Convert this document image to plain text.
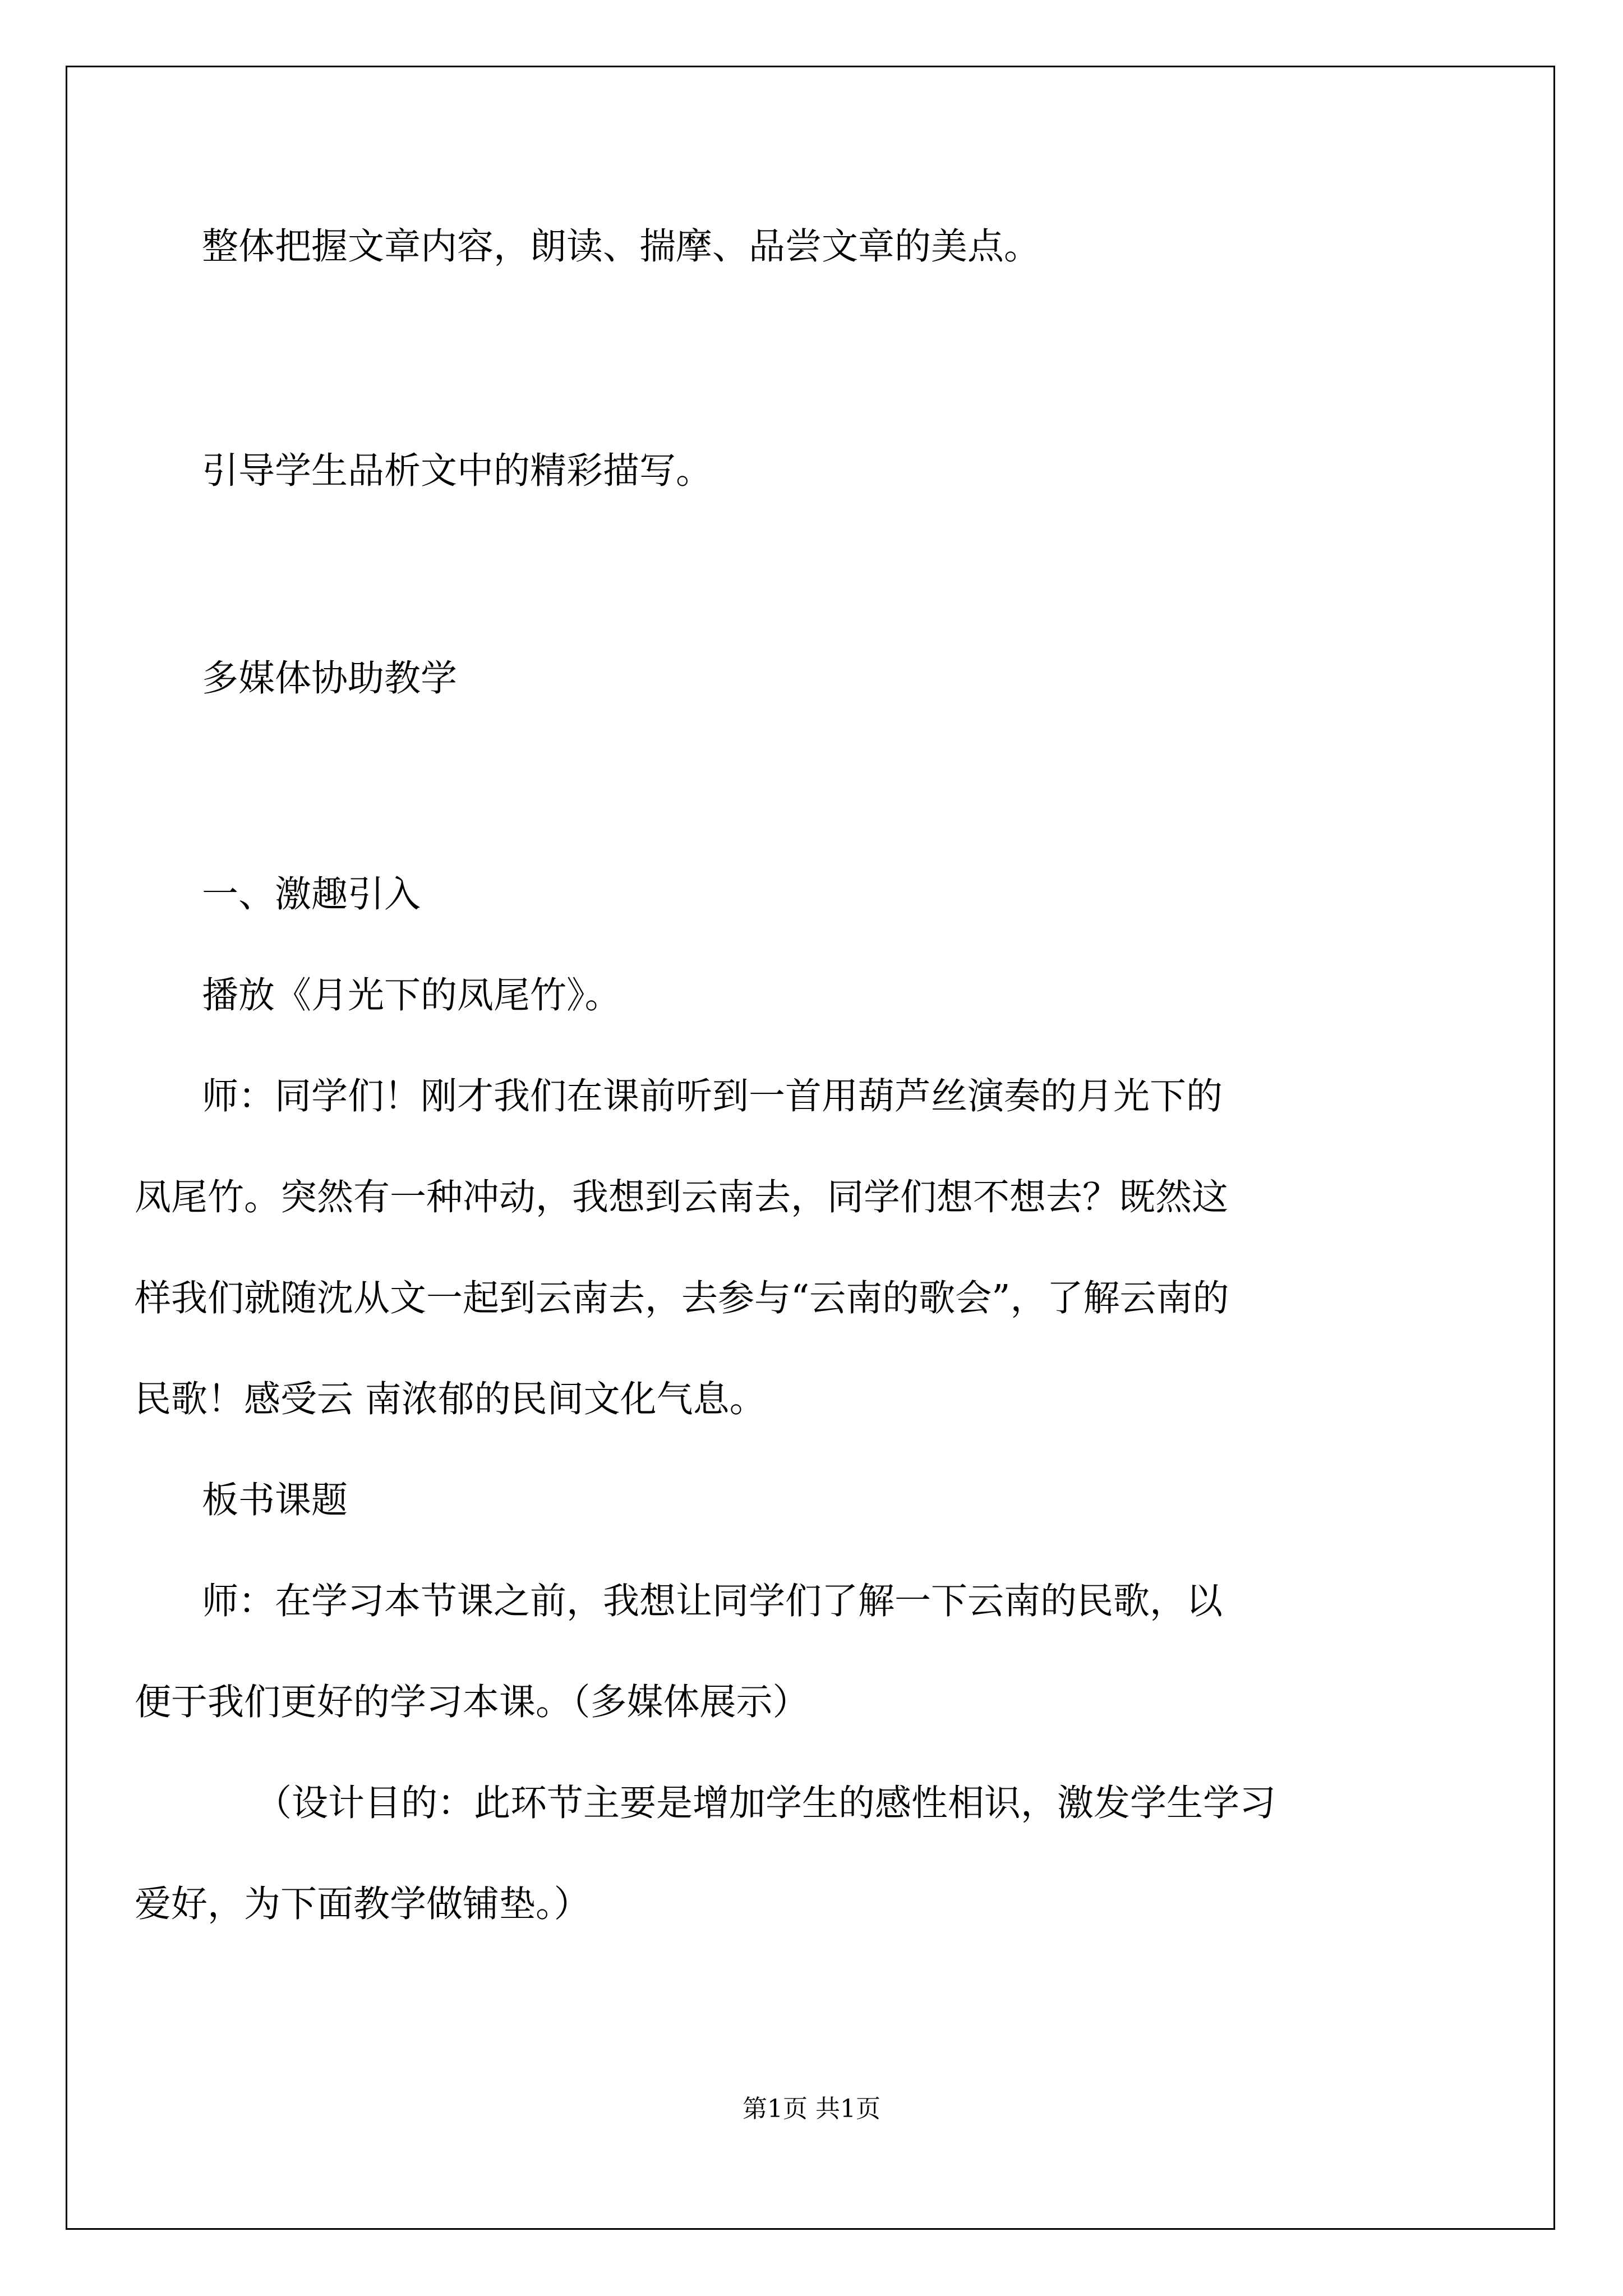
整体把握文章内容，朗读、揣摩、品尝文章的美点。

引导学生品析文中的精彩描写。

多媒体协助教学

一、激趣引入

播放《月光下的凤尾竹》。

师：同学们！刚才我们在课前听到一首用葫芦丝演奏的月光下的

凤尾竹。突然有一种冲动，我想到云南去，同学们想不想去？既然这

样我们就随沈从文一起到云南去，去参与“云南的歌会”，了解云南的

民歌！感受云 南浓郁的民间文化气息。

板书课题

师：在学习本节课之前，我想让同学们了解一下云南的民歌，以

便于我们更好的学习本课。（多媒体展示）

（设计目的：此环节主要是增加学生的感性相识，激发学生学习

爱好，为下面教学做铺垫。）

第1页 共1页
